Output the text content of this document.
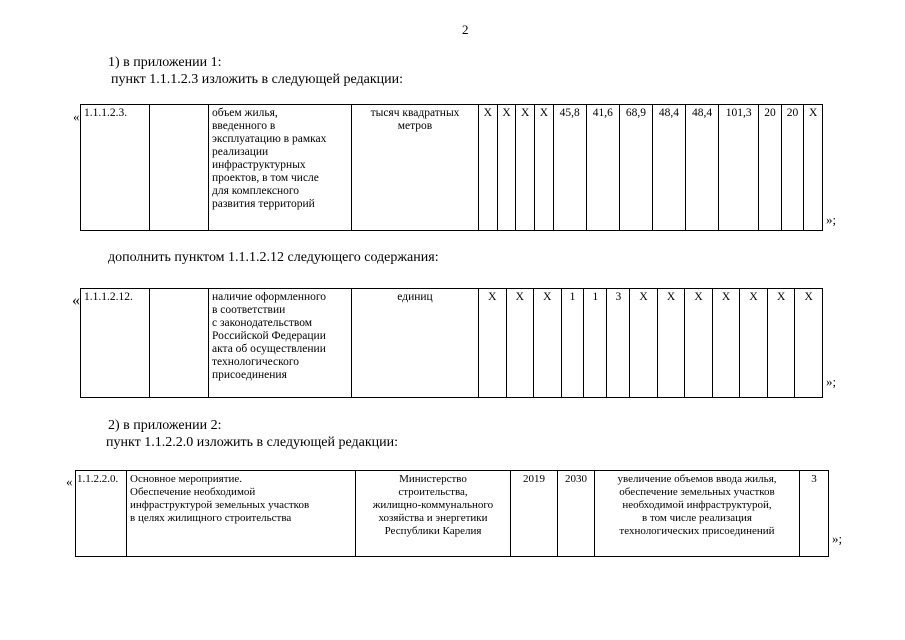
2
1) в приложении 1:
пункт 1.1.1.2.3 изложить в следующей редакции:
« 1.1.1.2.3.		объем жилья,
введенного в
эксплуатацию в рамках
реализации
инфраструктурных
проектов, в том числе
для комплексного
развития территорий	тысяч квадратных
метров	Х	Х	Х	Х	45,8	41,6	68,9	48,4	48,4	101,3	20	20	Х
»;
дополнить пунктом 1.1.1.2.12 следующего содержания:
« 1.1.1.2.12.		наличие оформленного
в соответствии
с законодательством
Российской Федерации
акта об осуществлении
технологического
присоединения	единиц	Х	Х	Х	1	1	3	Х	Х	Х	Х	Х	Х	Х
»;
2) в приложении 2:
пункт 1.1.2.2.0 изложить в следующей редакции:
« 1.1.2.2.0.	Основное мероприятие.
Обеспечение необходимой
инфраструктурой земельных участков
в целях жилищного строительства	Министерство
строительства,
жилищно-коммунального
хозяйства и энергетики
Республики Карелия	2019	2030	увеличение объемов ввода жилья,
обеспечение земельных участков
необходимой инфраструктурой,
в том числе реализация
технологических присоединений	3
»;
